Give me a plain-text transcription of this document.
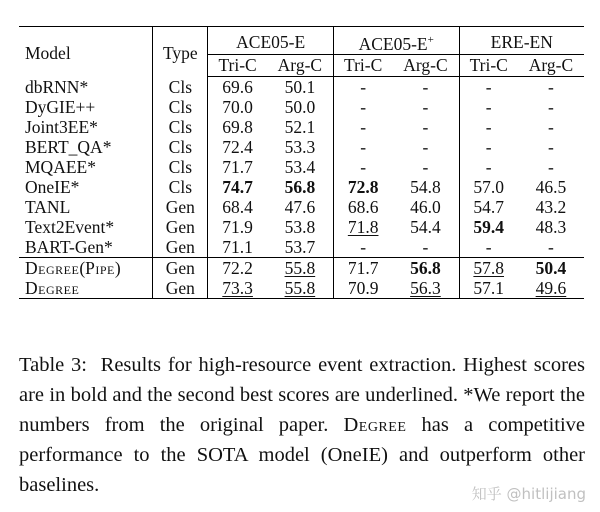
Model	Type	ACE05-E		ACE05-E+		ERE-EN	
		Tri-C	Arg-C	Tri-C	Arg-C	Tri-C	Arg-C
dbRNN*	Cls	69.6	50.1	-	-	-	-
DyGIE++	Cls	70.0	50.0	-	-	-	-
Joint3EE*	Cls	69.8	52.1	-	-	-	-
BERT_QA*	Cls	72.4	53.3	-	-	-	-
MQAEE*	Cls	71.7	53.4	-	-	-	-
OneIE*	Cls	74.7	56.8	72.8	54.8	57.0	46.5
TANL	Gen	68.4	47.6	68.6	46.0	54.7	43.2
Text2Event*	Gen	71.9	53.8	71.8	54.4	59.4	48.3
BART-Gen*	Gen	71.1	53.7	-	-	-	-
Degree(Pipe)	Gen	72.2	55.8	71.7	56.8	57.8	50.4
Degree	Gen	73.3	55.8	70.9	56.3	57.1	49.6

Table 3: Results for high-resource event extraction. Highest scores are in bold and the second best scores are underlined. *We report the numbers from the original paper. Degree has a competitive performance to the SOTA model (OneIE) and outperform other baselines.	知乎 @hitlijiang
